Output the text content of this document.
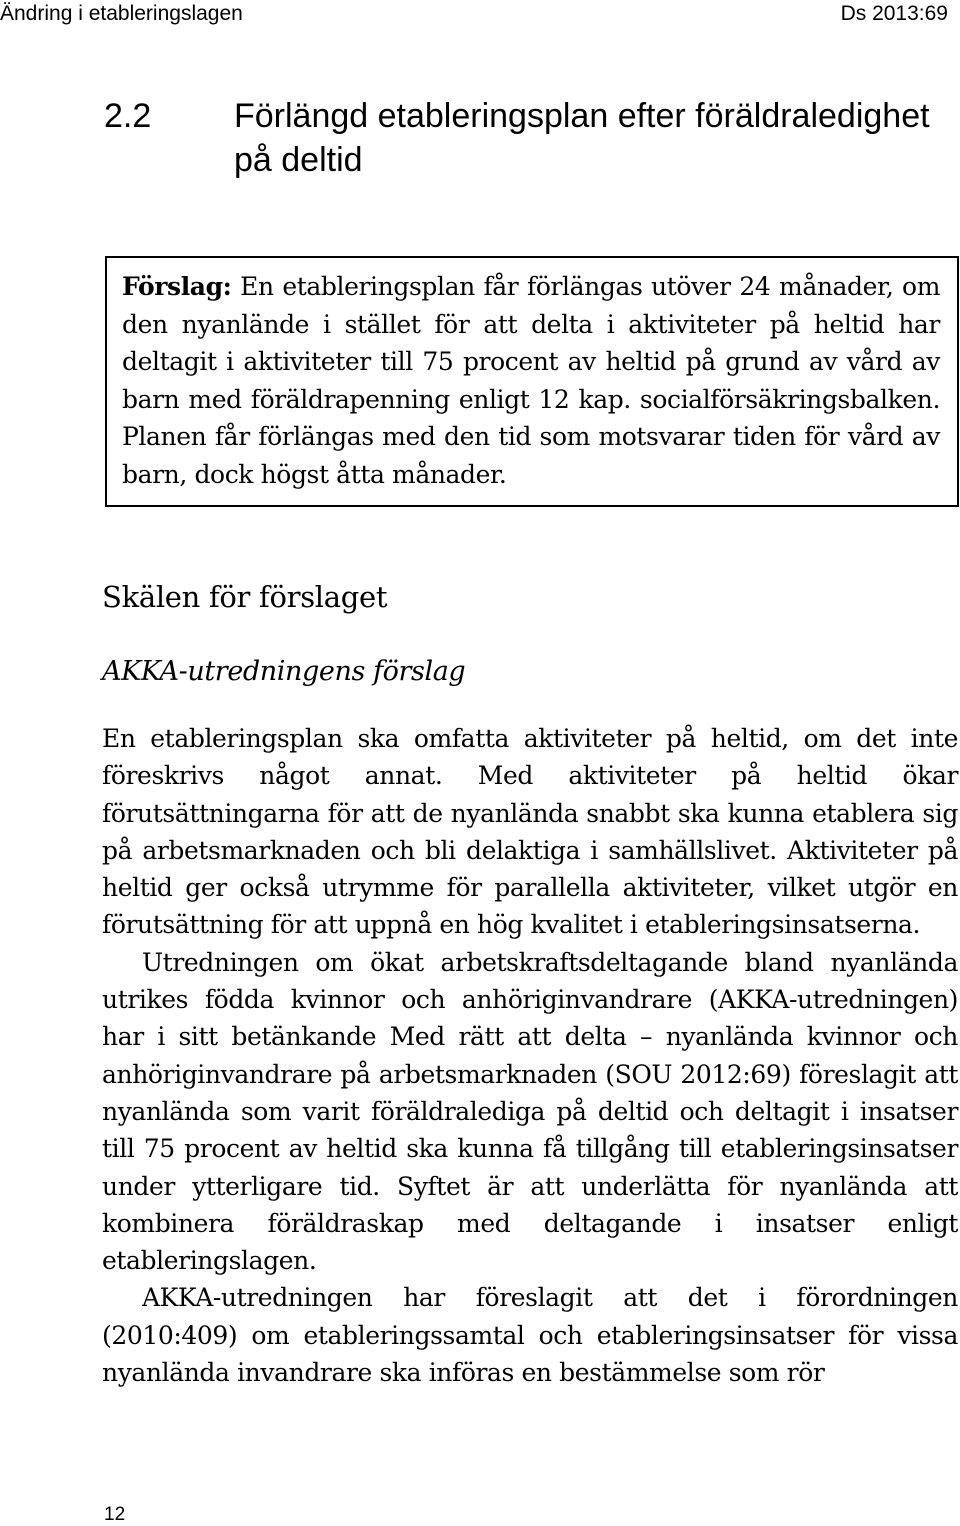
Ändring i etableringslagen	Ds 2013:69
2.2 Förlängd etableringsplan efter föräldraledighet på deltid
Förslag: En etableringsplan får förlängas utöver 24 månader, om den nyanlände i stället för att delta i aktiviteter på heltid har deltagit i aktiviteter till 75 procent av heltid på grund av vård av barn med föräldrapenning enligt 12 kap. socialförsäkringsbalken. Planen får förlängas med den tid som motsvarar tiden för vård av barn, dock högst åtta månader.
Skälen för förslaget
AKKA-utredningens förslag

En etableringsplan ska omfatta aktiviteter på heltid, om det inte föreskrivs något annat. Med aktiviteter på heltid ökar förutsättningarna för att de nyanlända snabbt ska kunna etablera sig på arbetsmarknaden och bli delaktiga i samhällslivet. Aktiviteter på heltid ger också utrymme för parallella aktiviteter, vilket utgör en förutsättning för att uppnå en hög kvalitet i etableringsinsatserna.

Utredningen om ökat arbetskraftsdeltagande bland nyanlända utrikes födda kvinnor och anhöriginvandrare (AKKA-utredningen) har i sitt betänkande Med rätt att delta – nyanlända kvinnor och anhöriginvandrare på arbetsmarknaden (SOU 2012:69) föreslagit att nyanlända som varit föräldralediga på deltid och deltagit i insatser till 75 procent av heltid ska kunna få tillgång till etableringsinsatser under ytterligare tid. Syftet är att underlätta för nyanlända att kombinera föräldraskap med deltagande i insatser enligt etableringslagen.

AKKA-utredningen har föreslagit att det i förordningen (2010:409) om etableringssamtal och etableringsinsatser för vissa nyanlända invandrare ska införas en bestämmelse som rör

12
